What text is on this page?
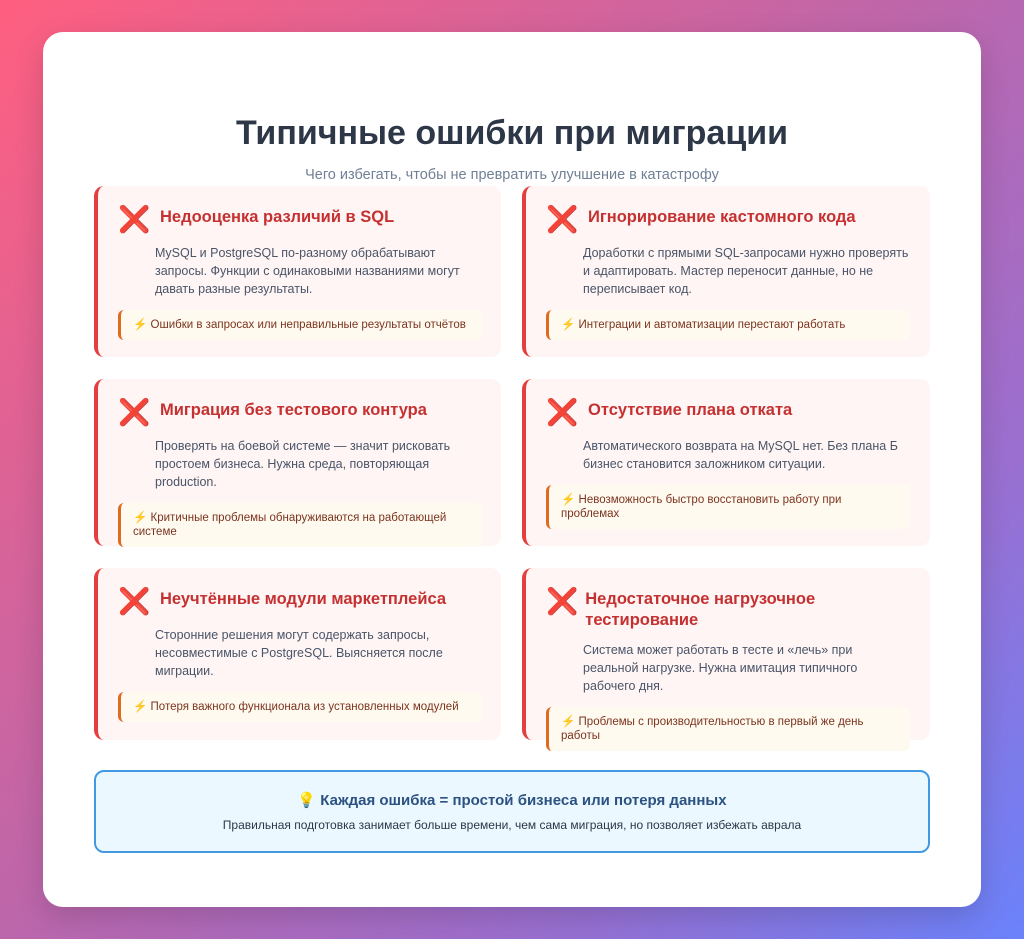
Типичные ошибки при миграции

Чего избегать, чтобы не превратить улучшение в катастрофу

❌ Недооценка различий в SQL

MySQL и PostgreSQL по-разному обрабатывают запросы. Функции с одинаковыми названиями могут давать разные результаты.

⚡ Ошибки в запросах или неправильные результаты отчётов
❌ Игнорирование кастомного кода

Доработки с прямыми SQL-запросами нужно проверять и адаптировать. Мастер переносит данные, но не переписывает код.

⚡ Интеграции и автоматизации перестают работать
❌ Миграция без тестового контура

Проверять на боевой системе — значит рисковать простоем бизнеса. Нужна среда, повторяющая production.

⚡ Критичные проблемы обнаруживаются на работающей системе
❌ Отсутствие плана отката

Автоматического возврата на MySQL нет. Без плана Б бизнес становится заложником ситуации.

⚡ Невозможность быстро восстановить работу при проблемах
❌ Неучтённые модули маркетплейса

Сторонние решения могут содержать запросы, несовместимые с PostgreSQL. Выясняется после миграции.

⚡ Потеря важного функционала из установленных модулей
❌ Недостаточное нагрузочное тестирование

Система может работать в тесте и «лечь» при реальной нагрузке. Нужна имитация типичного рабочего дня.

⚡ Проблемы с производительностью в первый же день работы
💡 Каждая ошибка = простой бизнеса или потеря данных
Правильная подготовка занимает больше времени, чем сама миграция, но позволяет избежать аврала
